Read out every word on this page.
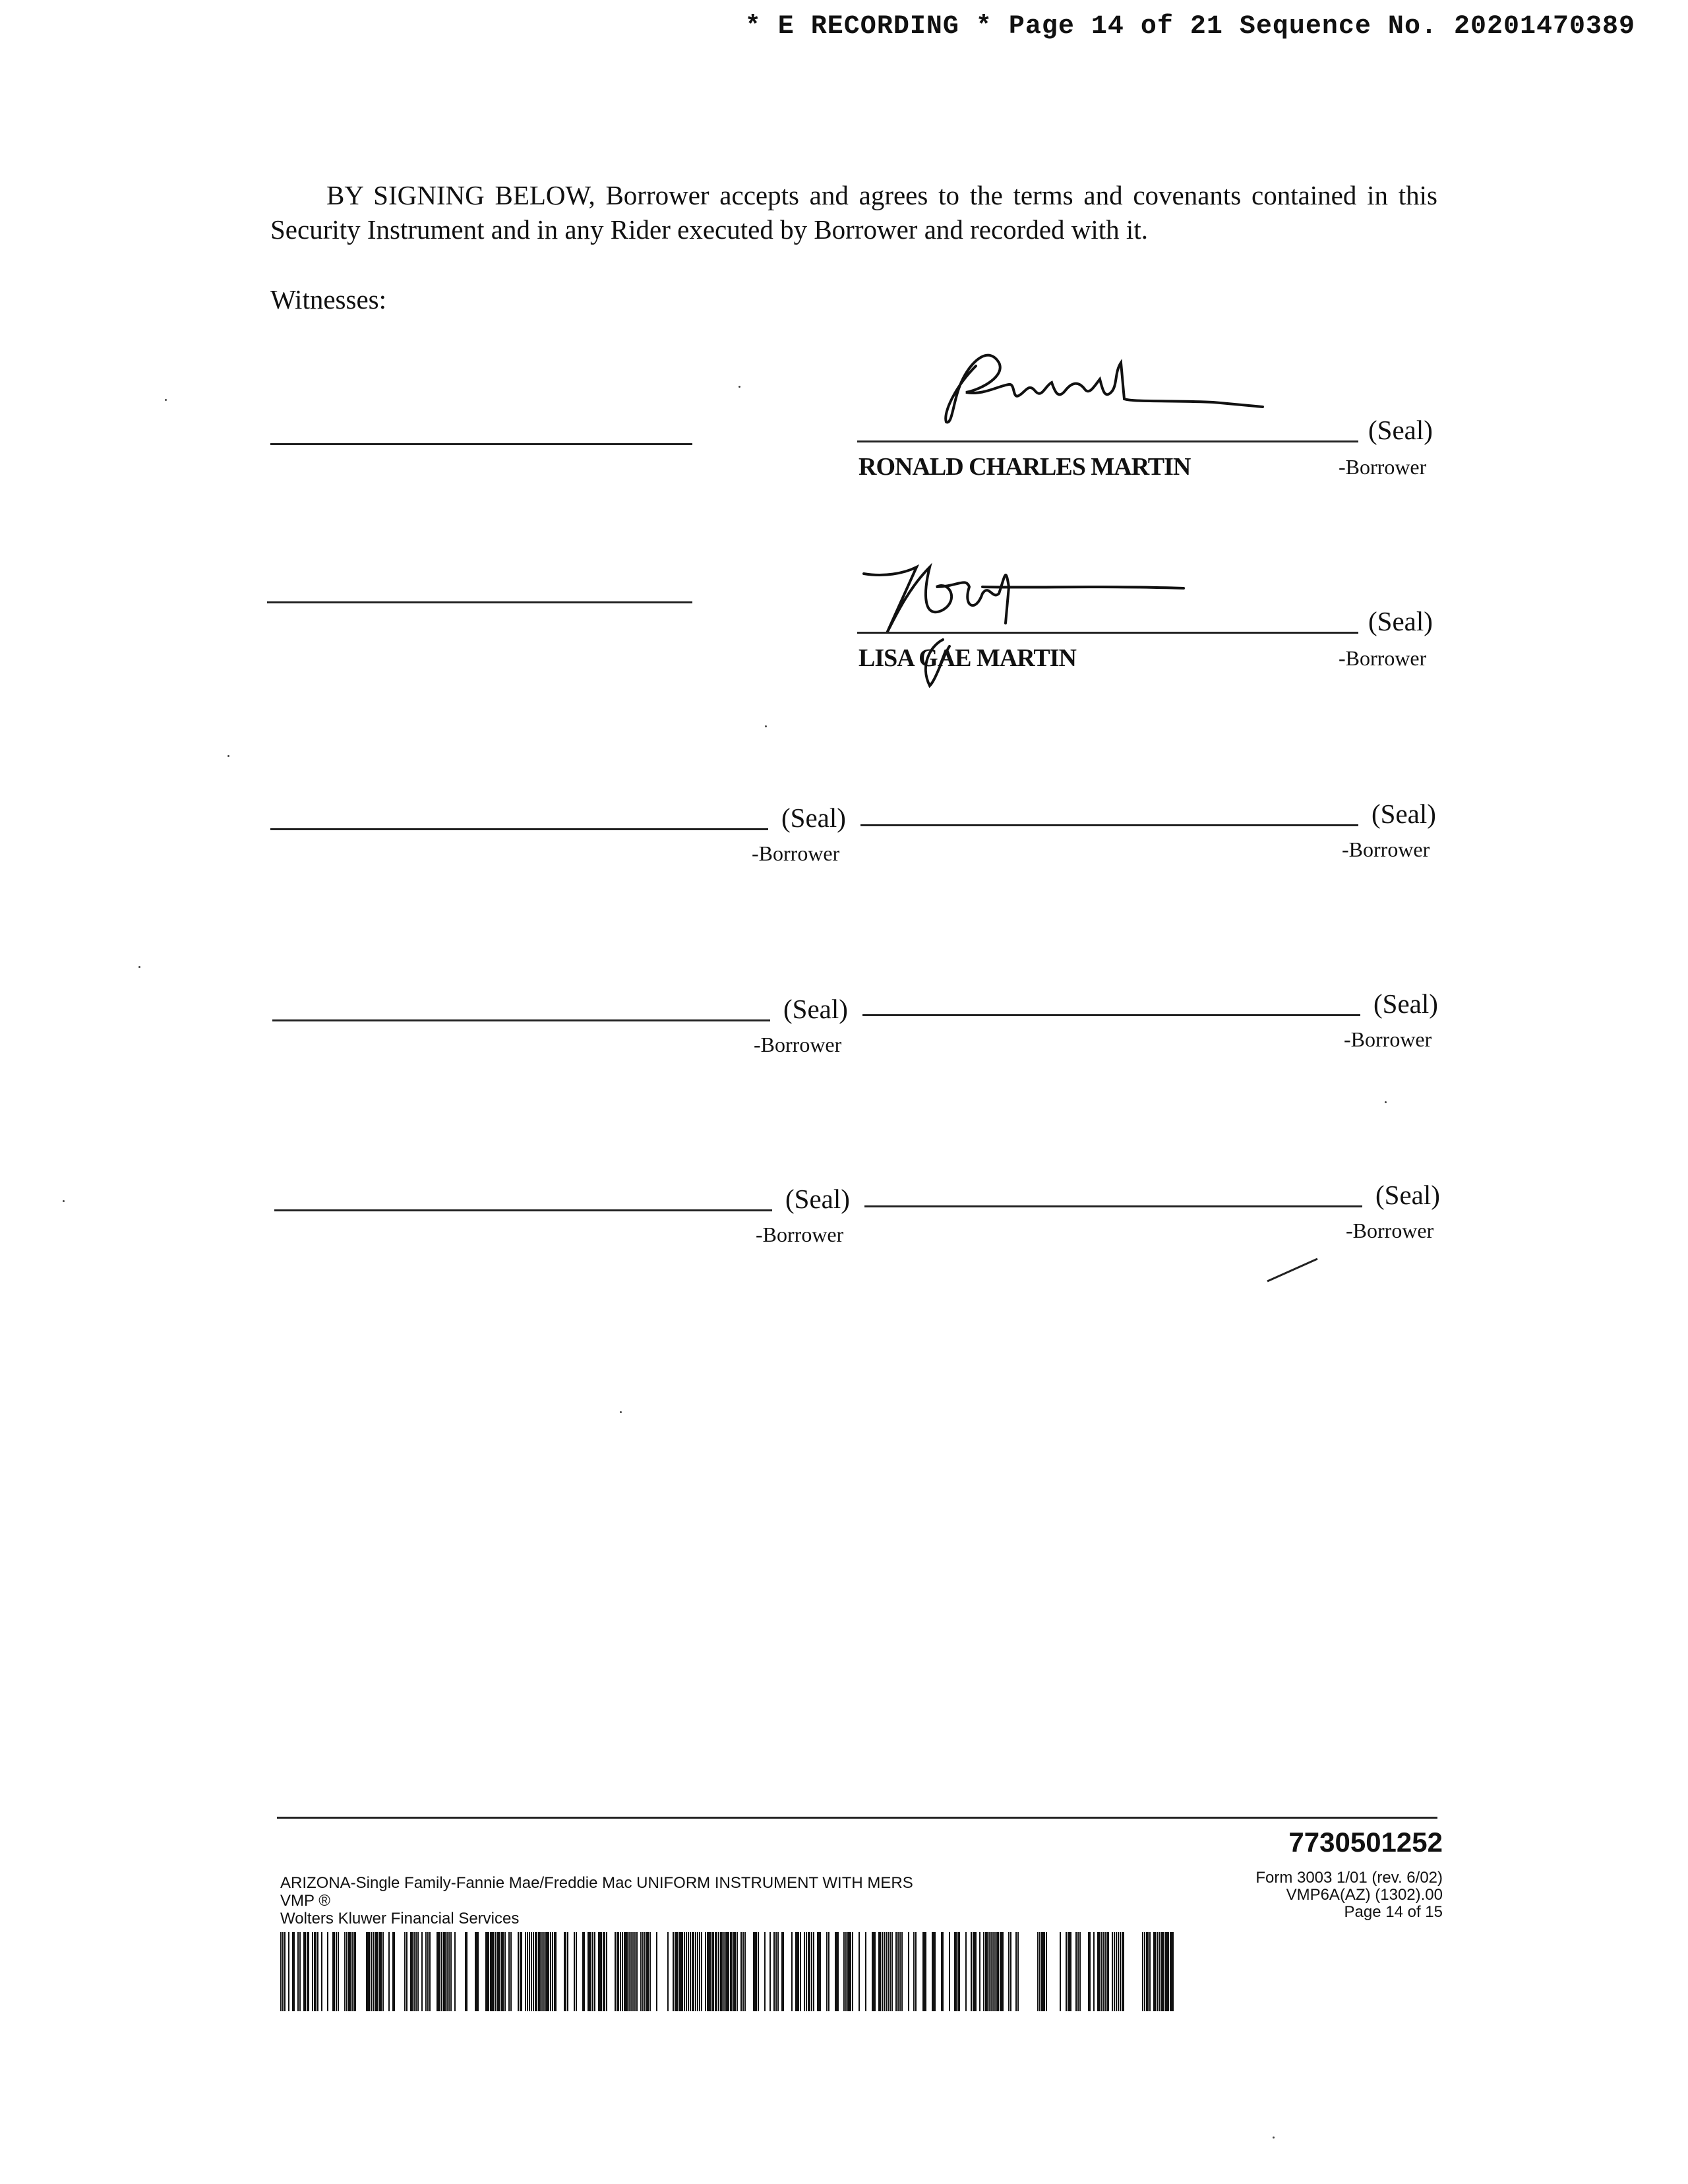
* E RECORDING * Page 14 of 21 Sequence No. 20201470389
BY SIGNING BELOW, Borrower accepts and agrees to the terms and covenants contained in this Security Instrument and in any Rider executed by Borrower and recorded with it.
Witnesses:
(Seal)
RONALD CHARLES MARTIN	-Borrower
(Seal)
LISA GAE MARTIN	-Borrower
(Seal)
-Borrower
(Seal)
-Borrower
(Seal)
-Borrower
(Seal)
-Borrower
(Seal)
-Borrower
(Seal)
-Borrower
7730501252
Form 3003 1/01 (rev. 6/02)
VMP6A(AZ) (1302).00
Page 14 of 15
ARIZONA-Single Family-Fannie Mae/Freddie Mac UNIFORM INSTRUMENT WITH MERS
VMP ®
Wolters Kluwer Financial Services
